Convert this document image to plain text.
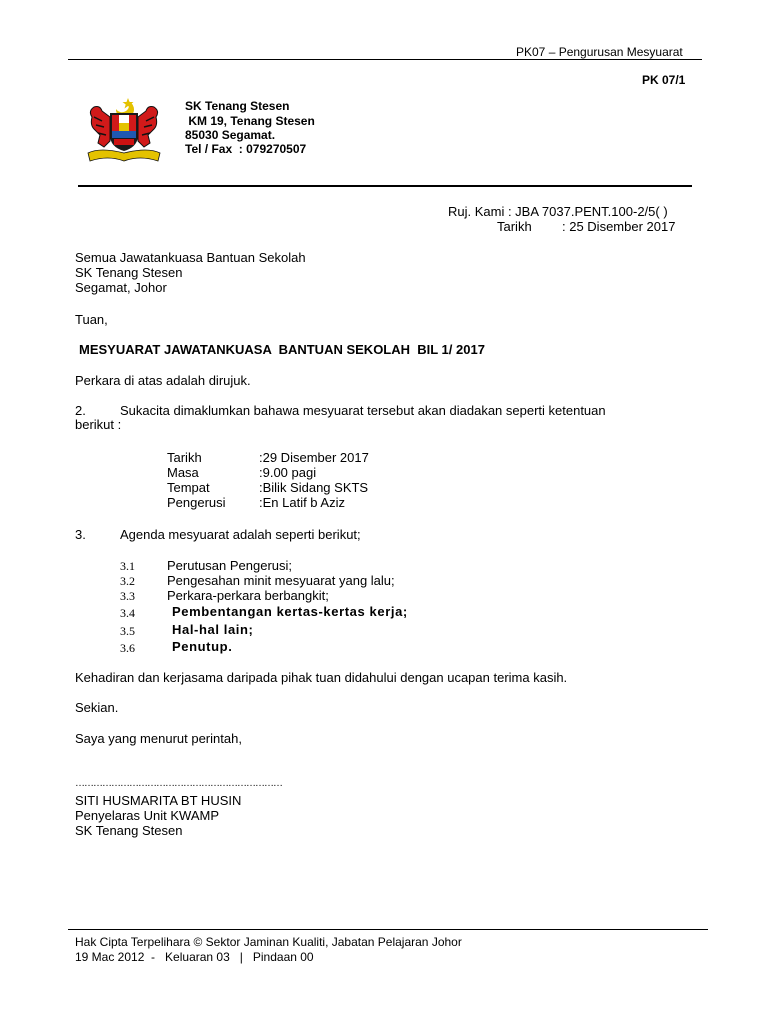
PK07 – Pengurusan Mesyuarat
PK 07/1
SK Tenang Stesen
KM 19, Tenang Stesen
85030 Segamat.
Tel / Fax  : 079270507
Ruj. Kami : JBA 7037.PENT.100-2/5( )
Tarikh : 25 Disember 2017
Semua Jawatankuasa Bantuan Sekolah
SK Tenang Stesen
Segamat, Johor
Tuan,
MESYUARAT JAWATANKUASA  BANTUAN SEKOLAH  BIL 1/ 2017
Perkara di atas adalah dirujuk.
2.	Sukacita dimaklumkan bahawa mesyuarat tersebut akan diadakan seperti ketentuan
berikut :
Tarikh	:29 Disember 2017
Masa	:9.00 pagi
Tempat	:Bilik Sidang SKTS
Pengerusi	:En Latif b Aziz
3.	Agenda mesyuarat adalah seperti berikut;
3.1 Perutusan Pengerusi;
3.2 Pengesahan minit mesyuarat yang lalu;
3.3 Perkara-perkara berbangkit;
3.4	Pembentangan kertas-kertas kerja;
3.5	Hal-hal lain;
3.6	Penutup.
Kehadiran dan kerjasama daripada pihak tuan didahului dengan ucapan terima kasih.
Sekian.
Saya yang menurut perintah,
……………………………………………………………
SITI HUSMARITA BT HUSIN
Penyelaras Unit KWAMP
SK Tenang Stesen
Hak Cipta Terpelihara © Sektor Jaminan Kualiti, Jabatan Pelajaran Johor
19 Mac 2012  -   Keluaran 03   |   Pindaan 00
